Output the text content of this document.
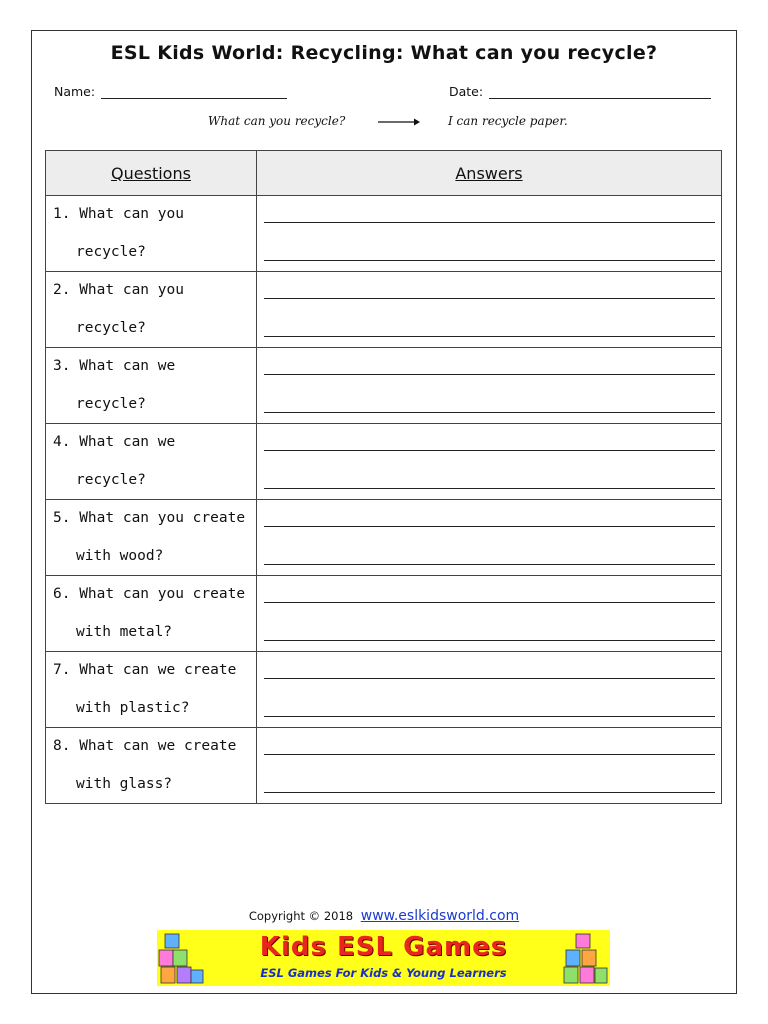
ESL Kids World: Recycling: What can you recycle?
Name:	Date:
What can you recycle?	I can recycle paper.
Questions	Answers

1. What can you
recycle?	

2. What can you
recycle?	

3. What can we
recycle?	

4. What can we
recycle?	

5. What can you create
with wood?	

6. What can you create
with metal?	

7. What can we create
with plastic?	

8. What can we create
with glass?	

Copyright © 2018 www.eslkidsworld.com
Kids ESL Games
ESL Games For Kids & Young Learners
